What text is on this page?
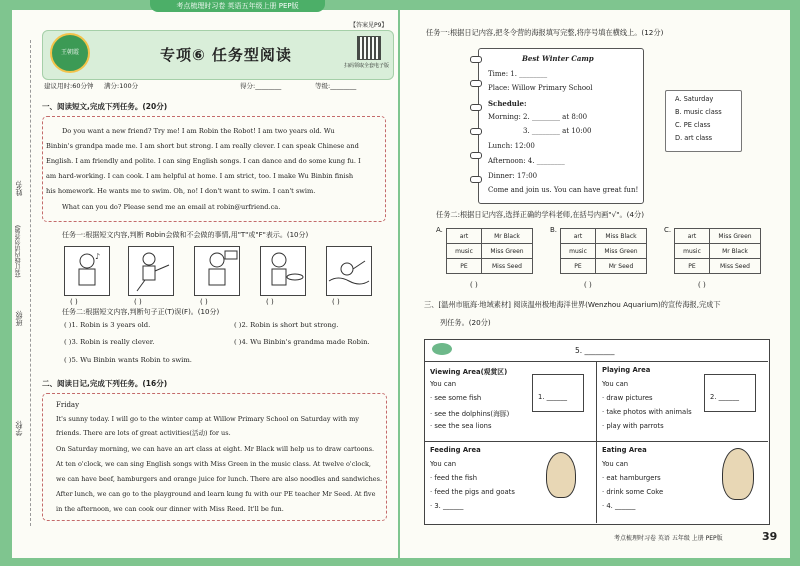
考点梳理时习卷 英语五年级上册 PEP版
【答案见P9】
王朝霞	专项⑥ 任务型阅读
扫码领取全套电子版
建议用时:60分钟 满分:100分	得分:________	等级:________
姓名:
(装订线内请勿答题)
班级:
学校:
一、阅读短文,完成下列任务。(20分)
Do you want a new friend? Try me! I am Robin the Robot! I am two years old. Wu
Binbin's grandpa made me. I am short but strong. I am really clever. I can speak Chinese and
English. I am friendly and polite. I can sing English songs. I can dance and do some kung fu. I
am hard-working. I can cook. I am helpful at home. I am strict, too. I make Wu Binbin finish
his homework. He wants me to swim. Oh, no! I don't want to swim. I can't swim.
What can you do? Please send me an email at robin@urfriend.ca.
任务一:根据短文内容,判断 Robin会做和不会做的事情,用"T"或"F"表示。(10分)
♪
( )	( )	( )	( )	( )
任务二:根据短文内容,判断句子正(T)误(F)。(10分)
( )1. Robin is 3 years old.	( )2. Robin is short but strong.
( )3. Robin is really clever.	( )4. Wu Binbin's grandma made Robin.
( )5. Wu Binbin wants Robin to swim.
二、阅读日记,完成下列任务。(16分)
Friday
It's sunny today. I will go to the winter camp at Willow Primary School on Saturday with my
friends. There are lots of great activities(活动) for us.
On Saturday morning, we can have an art class at eight. Mr Black will help us to draw cartoons.
At ten o'clock, we can sing English songs with Miss Green in the music class. At twelve o'clock,
we can have beef, hamburgers and orange juice for lunch. There are also noodles and sandwiches.
After lunch, we can go to the playground and learn kung fu with our PE teacher Mr Seed. At five
in the afternoon, we can cook our dinner with Miss Reed. It'll be fun.
任务一:根据日记内容,把冬令营的海报填写完整,将序号填在横线上。(12分)
Best Winter Camp
Time: 1. ________
Place: Willow Primary School
Schedule:
Morning: 2. ________ at 8:00
3. ________ at 10:00
Lunch: 12:00
Afternoon: 4. ________
Dinner: 17:00
Come and join us. You can have great fun!
A. Saturday
B. music class
C. PE class
D. art class
任务二:根据日记内容,选择正确的学科老师,在括号内画"√"。(4分)
A.
art	Mr Black
music	Miss Green
PE	Miss Seed
B.
art	Miss Black
music	Miss Green
PE	Mr Seed
C.
art	Miss Green
music	Mr Black
PE	Miss Seed
( )	( )	( )
三、[温州市瓯海·地域素材] 阅读温州极地海洋世界(Wenzhou Aquarium)的宣传海报,完成下
列任务。(20分)
5. ________
Viewing Area(观赏区)
You can
· see some fish
· see the dolphins(海豚)
· see the sea lions
1. ______
Playing Area
You can
· draw pictures
· take photos with animals
· play with parrots
2. ______
Feeding Area
You can
· feed the fish
· feed the pigs and goats
· 3. ______
Eating Area
You can
· eat hamburgers
· drink some Coke
· 4. ______
考点梳理时习卷 英语 五年级 上册 PEP版	39
